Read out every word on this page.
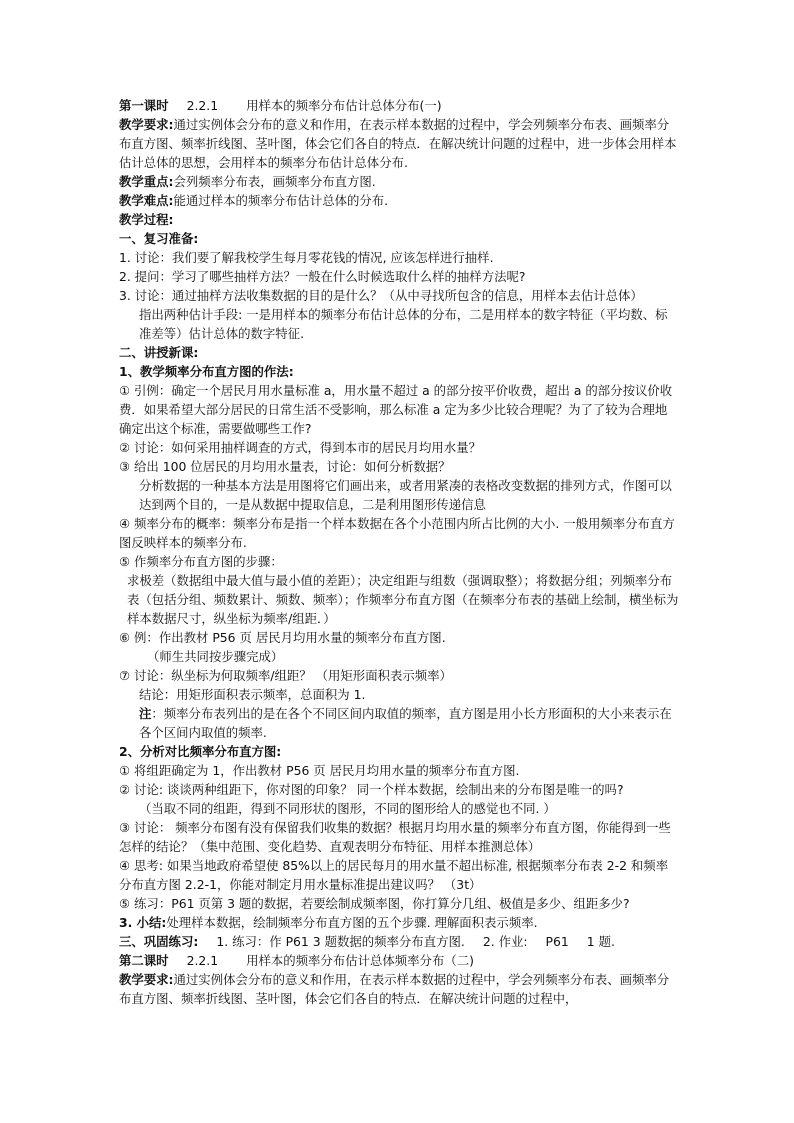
第一课时 2.2.1 用样本的频率分布估计总体分布(一)

教学要求:通过实例体会分布的意义和作用，在表示样本数据的过程中，学会列频率分布表、画频率分布直方图、频率折线图、茎叶图，体会它们各自的特点．在解决统计问题的过程中，进一步体会用样本估计总体的思想，会用样本的频率分布估计总体分布.

教学重点:会列频率分布表，画频率分布直方图.

教学难点:能通过样本的频率分布估计总体的分布.

教学过程:

一、复习准备:

1. 讨论：我们要了解我校学生每月零花钱的情况, 应该怎样进行抽样.

2. 提问：学习了哪些抽样方法？一般在什么时候选取什么样的抽样方法呢?

3. 讨论：通过抽样方法收集数据的目的是什么？（从中寻找所包含的信息，用样本去估计总体）

指出两种估计手段: 一是用样本的频率分布估计总体的分布，二是用样本的数字特征（平均数、标准差等）估计总体的数字特征.

二、讲授新课:

1、教学频率分布直方图的作法:

① 引例：确定一个居民月用水量标准 a，用水量不超过 a 的部分按平价收费，超出 a 的部分按议价收费．如果希望大部分居民的日常生活不受影响，那么标准 a 定为多少比较合理呢？为了了较为合理地确定出这个标准，需要做哪些工作?

② 讨论：如何采用抽样调查的方式，得到本市的居民月均用水量？

③ 给出 100 位居民的月均用水量表，讨论：如何分析数据？

分析数据的一种基本方法是用图将它们画出来，或者用紧凑的表格改变数据的排列方式，作图可以达到两个目的，一是从数据中提取信息，二是利用图形传递信息

④ 频率分布的概率：频率分布是指一个样本数据在各个小范围内所占比例的大小. 一般用频率分布直方图反映样本的频率分布.

⑤ 作频率分布直方图的步骤：

求极差（数据组中最大值与最小值的差距）；决定组距与组数（强调取整）；将数据分组；列频率分布表（包括分组、频数累计、频数、频率）；作频率分布直方图（在频率分布表的基础上绘制，横坐标为样本数据尺寸，纵坐标为频率/组距．）

⑥ 例：作出教材 P56 页 居民月均用水量的频率分布直方图.

（师生共同按步骤完成）

⑦ 讨论：纵坐标为何取频率/组距？ （用矩形面积表示频率）

结论：用矩形面积表示频率，总面积为 1.

注：频率分布表列出的是在各个不同区间内取值的频率，直方图是用小长方形面积的大小来表示在各个区间内取值的频率.

2、分析对比频率分布直方图:

① 将组距确定为 1，作出教材 P56 页 居民月均用水量的频率分布直方图.

② 讨论: 谈谈两种组距下，你对图的印象？ 同一个样本数据，绘制出来的分布图是唯一的吗?

（当取不同的组距，得到不同形状的图形，不同的图形给人的感觉也不同. ）

③ 讨论： 频率分布图有没有保留我们收集的数据？根据月均用水量的频率分布直方图，你能得到一些怎样的结论？（集中范围、变化趋势、直观表明分布特征、用样本推测总体）

④ 思考: 如果当地政府希望使 85%以上的居民每月的用水量不超出标准, 根据频率分布表 2-2 和频率分布直方图 2.2-1，你能对制定月用水量标准提出建议吗？ （3t）

⑤ 练习：P61 页第 3 题的数据，若要绘制成频率图，你打算分几组、极值是多少、组距多少?

3. 小结:处理样本数据，绘制频率分布直方图的五个步骤. 理解面积表示频率.

三、巩固练习: 1. 练习：作 P61 3 题数据的频率分布直方图. 2. 作业: P61 1 题.

第二课时 2.2.1 用样本的频率分布估计总体频率分布（二)

教学要求:通过实例体会分布的意义和作用，在表示样本数据的过程中，学会列频率分布表、画频率分布直方图、频率折线图、茎叶图，体会它们各自的特点．在解决统计问题的过程中，
